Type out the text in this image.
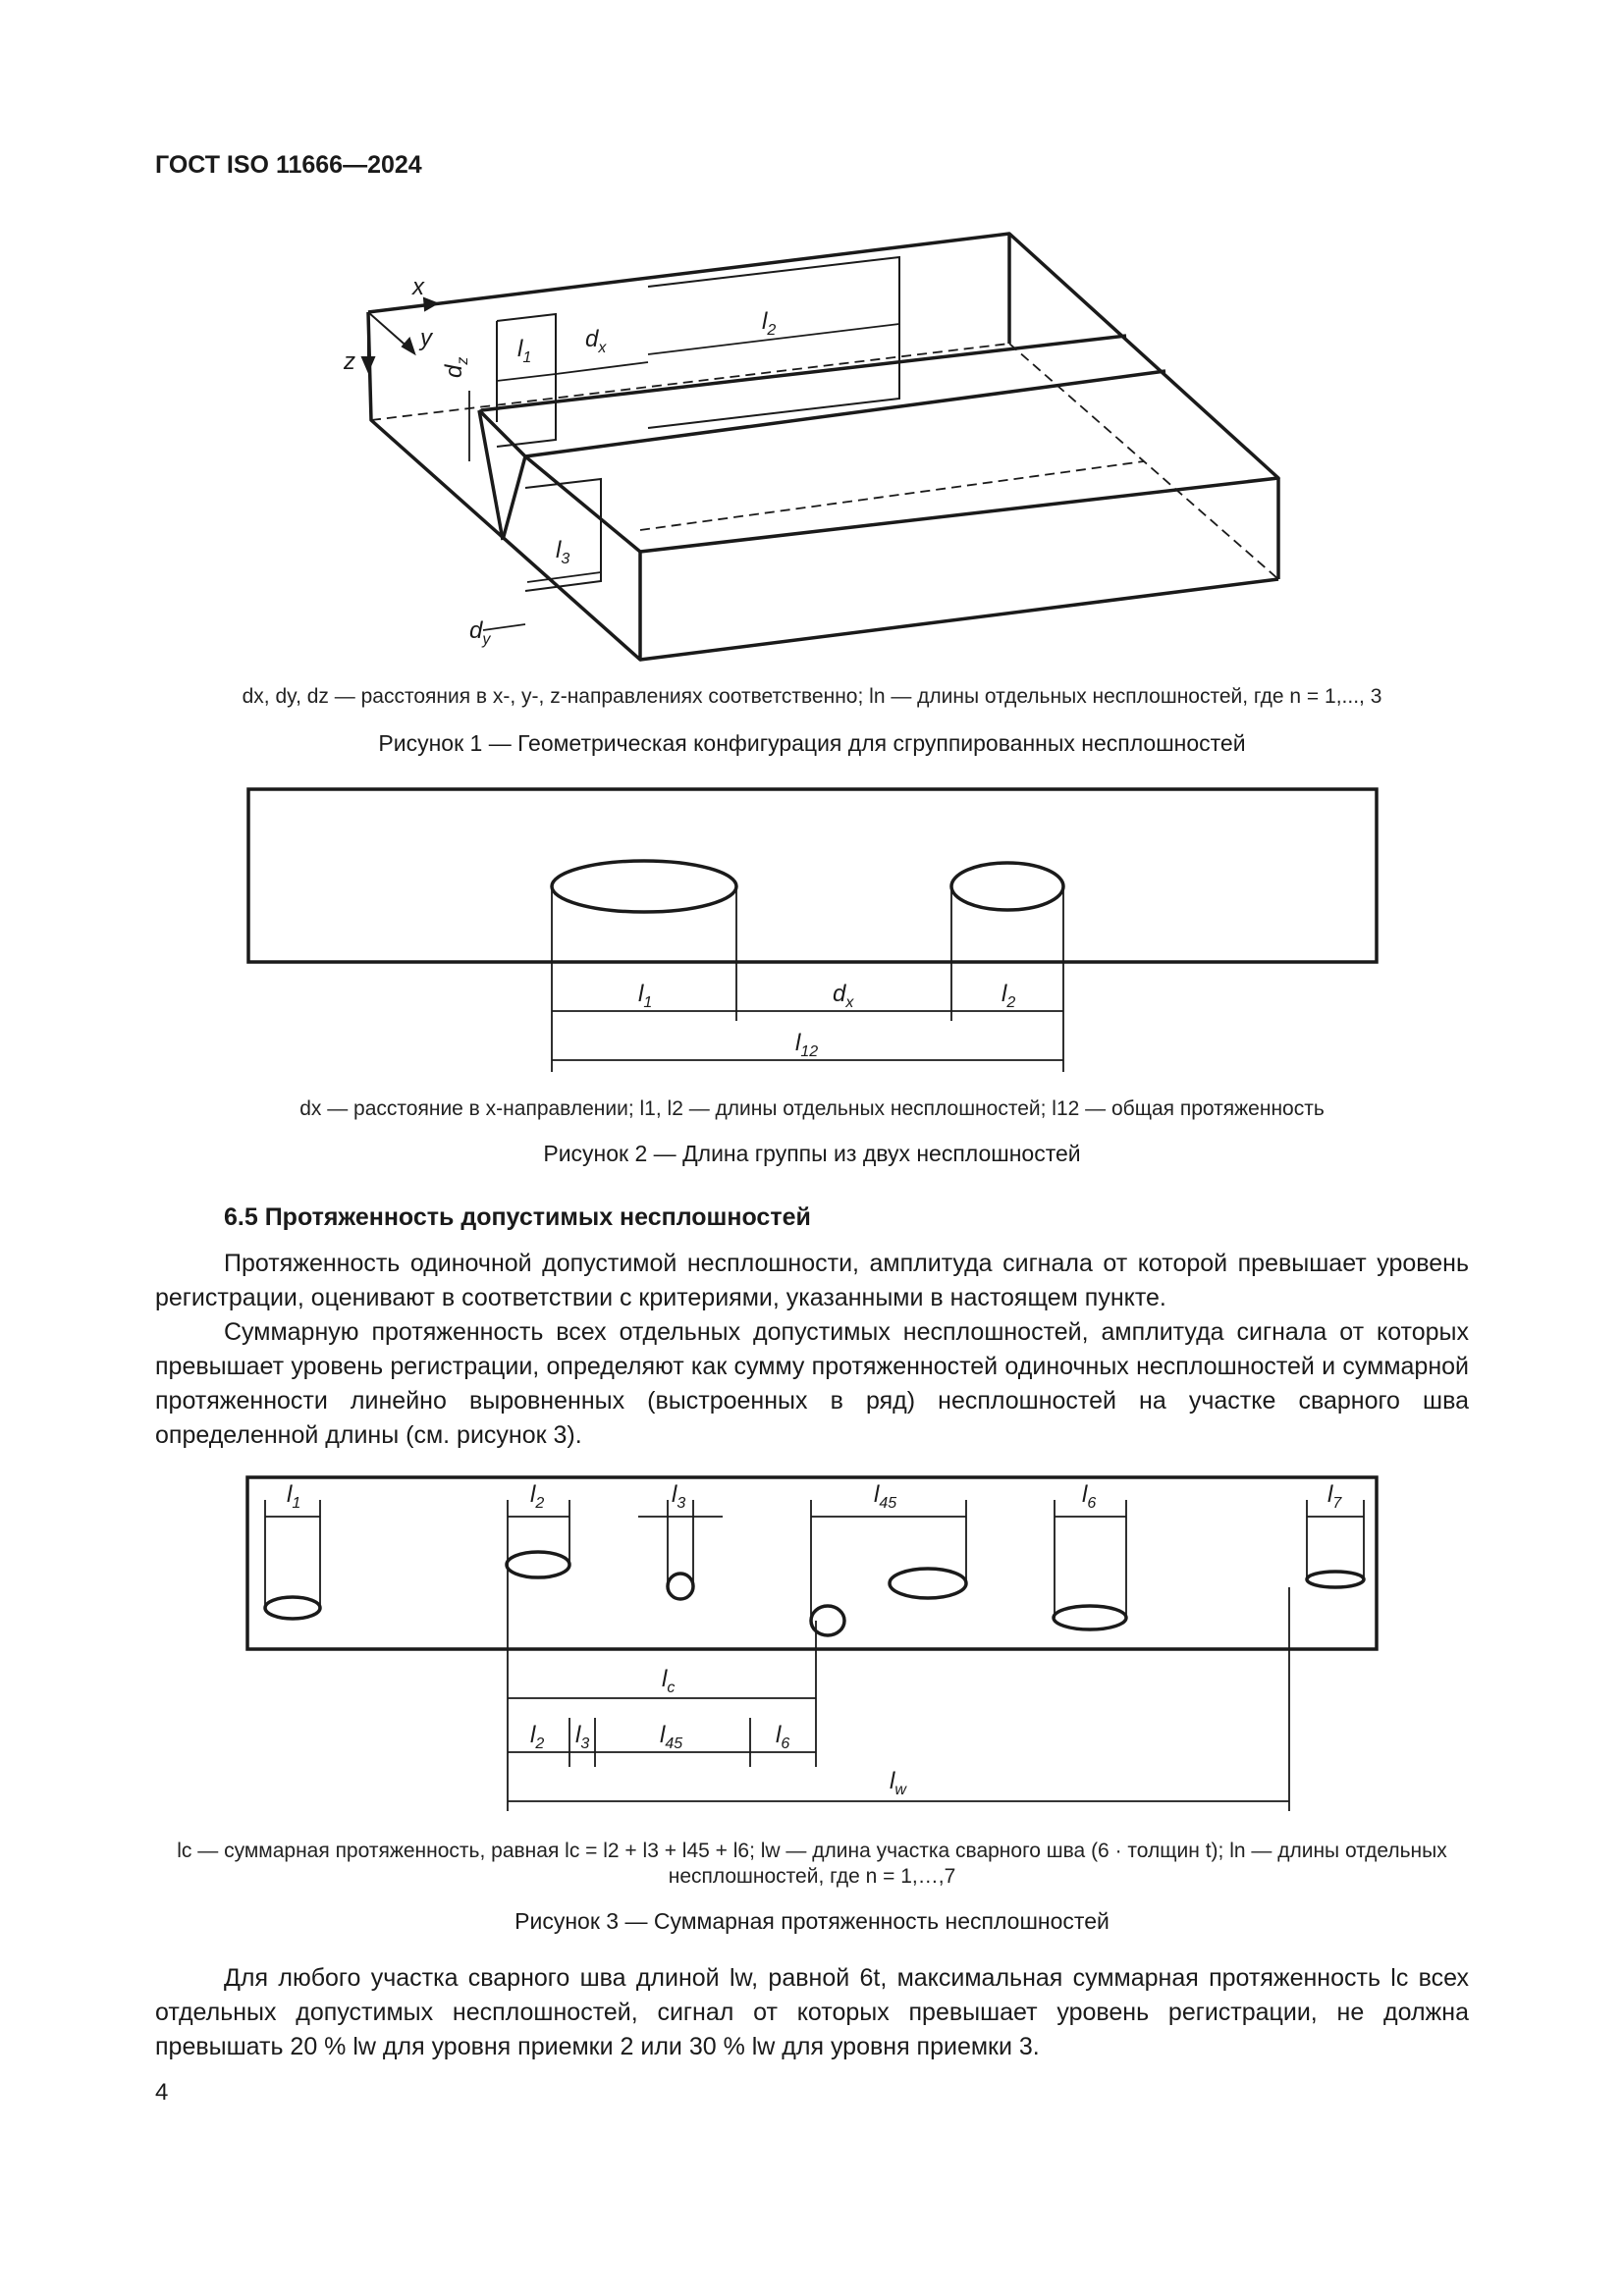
ГОСТ ISO 11666—2024
x
y
z	$d_z$ $l_1$
$d_x$
$l_2$
$l_3$
$d_y$
dx, dy, dz — расстояния в x-, y-, z-направлениях соответственно; ln — длины отдельных несплошностей, где n = 1,..., 3
Рисунок 1 — Геометрическая конфигурация для сгруппированных несплошностей
$l_1$	$d_x$	$l_2$
$l_{12}$
dx — расстояние в x-направлении; l1, l2 — длины отдельных несплошностей; l12 — общая протяженность
Рисунок 2 — Длина группы из двух несплошностей
6.5 Протяженность допустимых несплошностей

Протяженность одиночной допустимой несплошности, амплитуда сигнала от которой превышает уровень регистрации, оценивают в соответствии с критериями, указанными в настоящем пункте.

Суммарную протяженность всех отдельных допустимых несплошностей, амплитуда сигнала от которых превышает уровень регистрации, определяют как сумму протяженностей одиночных несплошностей и суммарной протяженности линейно выровненных (выстроенных в ряд) несплошностей на участке сварного шва определенной длины (см. рисунок 3).

$l_1$	$l_2$	$l_3$	$l_{45}$	$l_6$	$l_7$
$l_c$
$l_2$ $l_3$	$l_{45}$	$l_6$
$l_w$
lc — суммарная протяженность, равная lc = l2 + l3 + l45 + l6; lw — длина участка сварного шва (6 · толщин t); ln — длины отдельных
несплошностей, где n = 1,…,7
Рисунок 3 — Суммарная протяженность несплошностей

Для любого участка сварного шва длиной lw, равной 6t, максимальная суммарная протяженность lc всех отдельных допустимых несплошностей, сигнал от которых превышает уровень регистрации, не должна превышать 20 % lw для уровня приемки 2 или 30 % lw для уровня приемки 3.

4
